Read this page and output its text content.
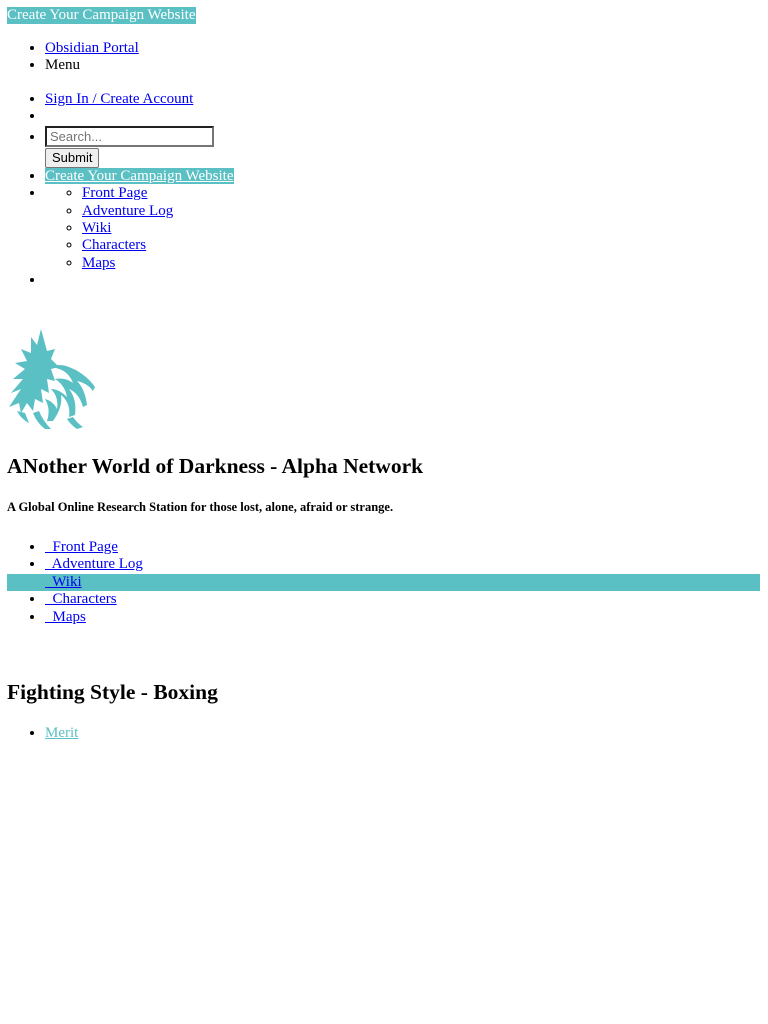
Create Your Campaign Website
• Obsidian Portal
• Menu
• Sign In / Create Account
•
Search...
• Submit
• Create Your Campaign Website
◦ • Front Page
◦ Adventure Log
◦ Wiki
◦ Characters
◦ Maps
•
ANother World of Darkness - Alpha Network

A Global Online Research Station for those lost, alone, afraid or strange.

•   Front Page
•   Adventure Log
•   Wiki
•   Characters
•   Maps
Fighting Style - Boxing
• Merit
